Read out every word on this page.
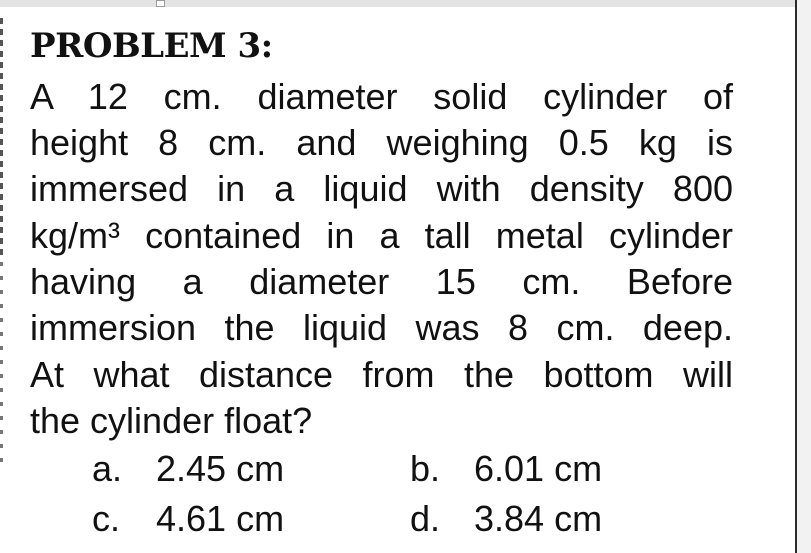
PROBLEM 3:
A 12 cm. diameter solid cylinder of
height 8 cm. and weighing 0.5 kg is
immersed in a liquid with density 800
kg/m³ contained in a tall metal cylinder
having a diameter 15 cm. Before
immersion the liquid was 8 cm. deep.
At what distance from the bottom will
the cylinder float?
a. 2.45 cm	b. 6.01 cm
c. 4.61 cm	d. 3.84 cm
